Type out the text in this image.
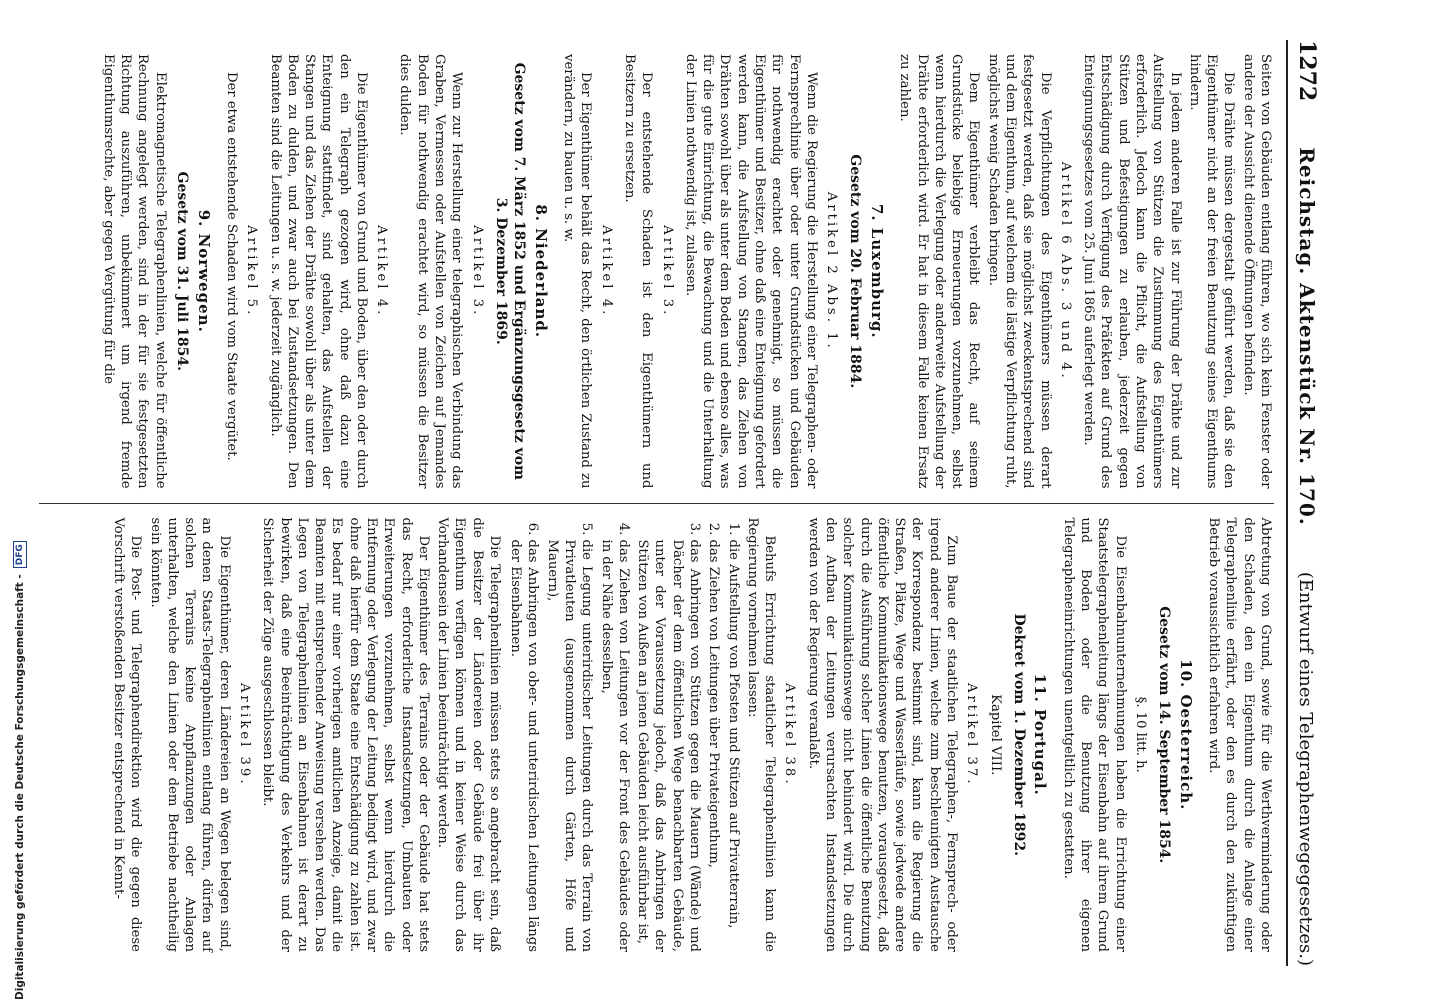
1272
Reichstag. Aktenstück Nr. 170.
(Entwurf eines Telegraphenwegegesetzes.)

Seiten von Gebäuden entlang führen, wo sich kein Fenster oder andere der Aussicht dienende Öffnungen befinden.

Die Drähte müssen dergestalt geführt werden, daß sie den Eigenthümer nicht an der freien Benutzung seines Eigenthums hindern.

In jedem anderen Falle ist zur Führung der Drähte und zur Aufstellung von Stützen die Zustimmung des Eigenthümers erforderlich. Jedoch kann die Pflicht, die Aufstellung von Stützen und Befestigungen zu erlauben, jederzeit gegen Entschädigung durch Verfügung des Präfekten auf Grund des Enteignungsgesetzes vom 25. Juni 1865 auferlegt werden.

Artikel 6 Abs. 3 und 4.

Die Verpflichtungen des Eigenthümers müssen derart festgesetzt werden, daß sie möglichst zweckentsprechend sind und dem Eigenthum, auf welchem die lästige Verpflichtung ruht, möglichst wenig Schaden bringen.

Dem Eigenthümer verbleibt das Recht, auf seinem Grundstücke beliebige Erneuerungen vorzunehmen, selbst wenn hierdurch die Verlegung oder anderweite Aufstellung der Drähte erforderlich wird. Er hat in diesem Falle keinen Ersatz zu zahlen.

7. Luxemburg.
Gesetz vom 20. Februar 1884.
Artikel 2 Abs. 1.

Wenn die Regierung die Herstellung einer Telegraphen- oder Fernsprechlinie über oder unter Grundstücken und Gebäuden für nothwendig erachtet oder genehmigt, so müssen die Eigenthümer und Besitzer, ohne daß eine Enteignung gefordert werden kann, die Aufstellung von Stangen, das Ziehen von Drähten sowohl über als unter dem Boden und ebenso alles, was für die gute Einrichtung, die Bewachung und die Unterhaltung der Linien nothwendig ist, zulassen.

Artikel 3.

Der entstehende Schaden ist den Eigenthümern und Besitzern zu ersetzen.

Artikel 4.

Der Eigenthümer behält das Recht, den örtlichen Zustand zu verändern, zu bauen u. s. w.

8. Niederland.
Gesetz vom 7. März 1852 und Ergänzungsgesetz vom 3. Dezember 1869.
Artikel 3.

Wenn zur Herstellung einer telegraphischen Verbindung das Graben, Vermessen oder Aufstellen von Zeichen auf Jemandes Boden für nothwendig erachtet wird, so müssen die Besitzer dies dulden.

Artikel 4.

Die Eigenthümer von Grund und Boden, über den oder durch den ein Telegraph gezogen wird, ohne daß dazu eine Enteignung stattfindet, sind gehalten, das Aufstellen der Stangen und das Ziehen der Drähte sowohl über als unter dem Boden zu dulden, und zwar auch bei Zustandsetzungen. Den Beamten sind die Leitungen u. s. w. jederzeit zugänglich.

Artikel 5.

Der etwa entstehende Schaden wird vom Staate vergütet.

9. Norwegen.
Gesetz vom 31. Juli 1854.

Elektromagnetische Telegraphenlinien, welche für öffentliche Rechnung angelegt werden, sind in der für sie festgesetzten Richtung auszuführen, unbekümmert um irgend fremde Eigenthumsrechte, aber gegen Vergütung für die

Abtretung von Grund, sowie für die Werthverminderung oder den Schaden, den ein Eigenthum durch die Anlage einer Telegraphenlinie erfährt, oder den es durch den zukünftigen Betrieb voraussichtlich erfahren wird.

10. Oesterreich.
Gesetz vom 14. September 1854.
§. 10 litt. h.

Die Eisenbahnunternehmungen haben die Errichtung einer Staatstelegraphenleitung längs der Eisenbahn auf ihrem Grund und Boden oder die Benutzung ihrer eigenen Telegrapheneinrichtungen unentgeltlich zu gestatten.

11. Portugal.
Dekret vom 1. Dezember 1892.
Kapitel VIII.
Artikel 37.

Zum Baue der staatlichen Telegraphen-, Fernsprech- oder irgend anderer Linien, welche zum beschleunigten Austausche der Korrespondenz bestimmt sind, kann die Regierung die Straßen, Plätze, Wege und Wasserläufe, sowie jedwede andere öffentliche Kommunikationswege benutzen, vorausgesetzt, daß durch die Ausführung solcher Linien die öffentliche Benutzung solcher Kommunikationswege nicht behindert wird. Die durch den Aufbau der Leitungen verursachten Instandsetzungen werden von der Regierung veranlaßt.

Artikel 38.

Behufs Errichtung staatlicher Telegraphenlinien kann die Regierung vornehmen lassen:

1. die Aufstellung von Pfosten und Stützen auf Privatterrain,
2. das Ziehen von Leitungen über Privateigenthum,
3. das Anbringen von Stützen gegen die Mauern (Wände) und Dächer der dem öffentlichen Wege benachbarten Gebäude, unter der Voraussetzung jedoch, daß das Anbringen der Stützen von Außen an jenen Gebäuden leicht ausführbar ist,
4. das Ziehen von Leitungen vor der Front des Gebäudes oder in der Nähe desselben,
5. die Legung unterirdischer Leitungen durch das Terrain von Privatleuten (ausgenommen durch Gärten, Höfe und Mauern),
6. das Anbringen von ober- und unterirdischen Leitungen längs der Eisenbahnen.

Die Telegraphenlinien müssen stets so angebracht sein, daß die Besitzer der Ländereien oder Gebäude frei über ihr Eigenthum verfügen können und in keiner Weise durch das Vorhandensein der Linien beeinträchtigt werden.

Der Eigenthümer des Terrains oder der Gebäude hat stets das Recht, erforderliche Instandsetzungen, Umbauten oder Erweiterungen vorzunehmen, selbst wenn hierdurch die Entfernung oder Verlegung der Leitung bedingt wird, und zwar ohne daß hierfür dem Staate eine Entschädigung zu zahlen ist. Es bedarf nur einer vorherigen amtlichen Anzeige, damit die Beamten mit entsprechender Anweisung versehen werden. Das Legen von Telegraphenlinien an Eisenbahnen ist derart zu bewirken, daß eine Beeinträchtigung des Verkehrs und der Sicherheit der Züge ausgeschlossen bleibt.

Artikel 39.

Die Eigenthümer, deren Ländereien an Wegen belegen sind, an denen Staats-Telegraphenlinien entlang führen, dürfen auf solchen Terrains keine Anpflanzungen oder Anlagen unterhalten, welche den Linien oder dem Betriebe nachtheilig sein könnten.

Die Post- und Telegraphendirektion wird die gegen diese Vorschrift verstoßenden Besitzer entsprechend in Kennt-

Digitalisierung gefördert durch die Deutsche Forschungsgemeinschaft -
DFG
